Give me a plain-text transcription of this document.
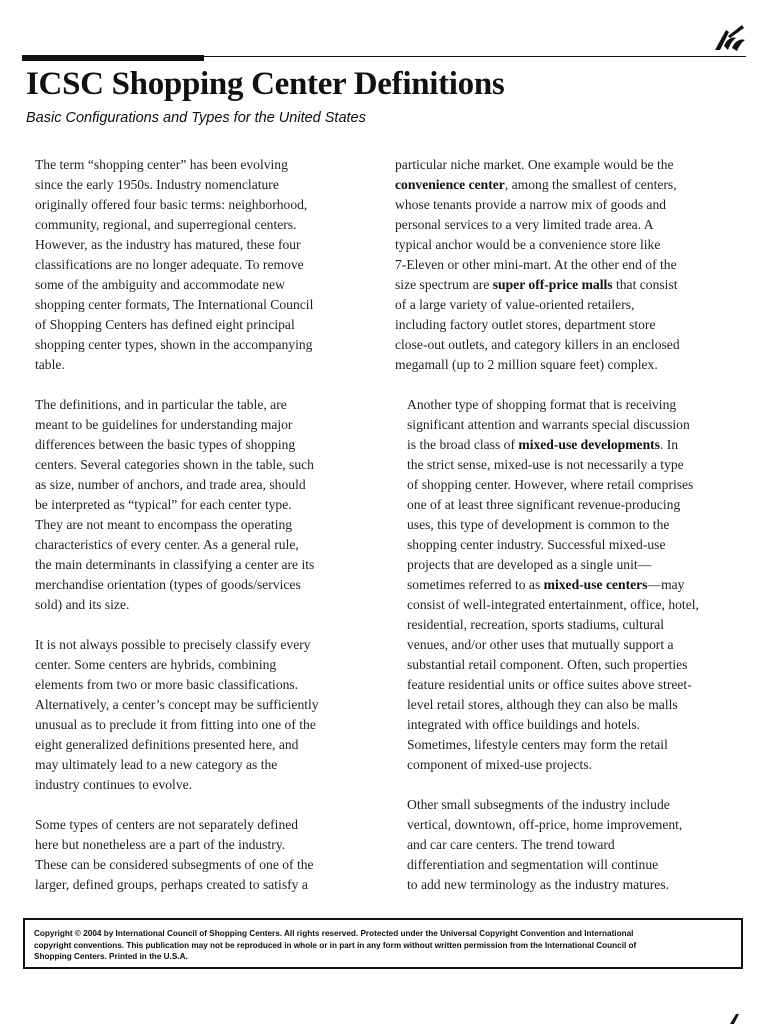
ICSC Shopping Center Definitions
Basic Configurations and Types for the United States

The term “shopping center” has been evolving
since the early 1950s. Industry nomenclature
originally offered four basic terms: neighborhood,
community, regional, and superregional centers.
However, as the industry has matured, these four
classifications are no longer adequate. To remove
some of the ambiguity and accommodate new
shopping center formats, The International Council
of Shopping Centers has defined eight principal
shopping center types, shown in the accompanying
table.

The definitions, and in particular the table, are
meant to be guidelines for understanding major
differences between the basic types of shopping
centers. Several categories shown in the table, such
as size, number of anchors, and trade area, should
be interpreted as “typical” for each center type.
They are not meant to encompass the operating
characteristics of every center. As a general rule,
the main determinants in classifying a center are its
merchandise orientation (types of goods/services
sold) and its size.

It is not always possible to precisely classify every
center. Some centers are hybrids, combining
elements from two or more basic classifications.
Alternatively, a center’s concept may be sufficiently
unusual as to preclude it from fitting into one of the
eight generalized definitions presented here, and
may ultimately lead to a new category as the
industry continues to evolve.

Some types of centers are not separately defined
here but nonetheless are a part of the industry.
These can be considered subsegments of one of the
larger, defined groups, perhaps created to satisfy a

particular niche market. One example would be the
convenience center, among the smallest of centers,
whose tenants provide a narrow mix of goods and
personal services to a very limited trade area. A
typical anchor would be a convenience store like
7-Eleven or other mini-mart. At the other end of the
size spectrum are super off-price malls that consist
of a large variety of value-oriented retailers,
including factory outlet stores, department store
close-out outlets, and category killers in an enclosed
megamall (up to 2 million square feet) complex.

Another type of shopping format that is receiving
significant attention and warrants special discussion
is the broad class of mixed-use developments. In
the strict sense, mixed-use is not necessarily a type
of shopping center. However, where retail comprises
one of at least three significant revenue-producing
uses, this type of development is common to the
shopping center industry. Successful mixed-use
projects that are developed as a single unit—
sometimes referred to as mixed-use centers—may
consist of well-integrated entertainment, office, hotel,
residential, recreation, sports stadiums, cultural
venues, and/or other uses that mutually support a
substantial retail component. Often, such properties
feature residential units or office suites above street-
level retail stores, although they can also be malls
integrated with office buildings and hotels.
Sometimes, lifestyle centers may form the retail
component of mixed-use projects.

Other small subsegments of the industry include
vertical, downtown, off-price, home improvement,
and car care centers. The trend toward
differentiation and segmentation will continue
to add new terminology as the industry matures.

Copyright © 2004 by International Council of Shopping Centers. All rights reserved. Protected under the Universal Copyright Convention and International
copyright conventions. This publication may not be reproduced in whole or in part in any form without written permission from the International Council of
Shopping Centers. Printed in the U.S.A.
